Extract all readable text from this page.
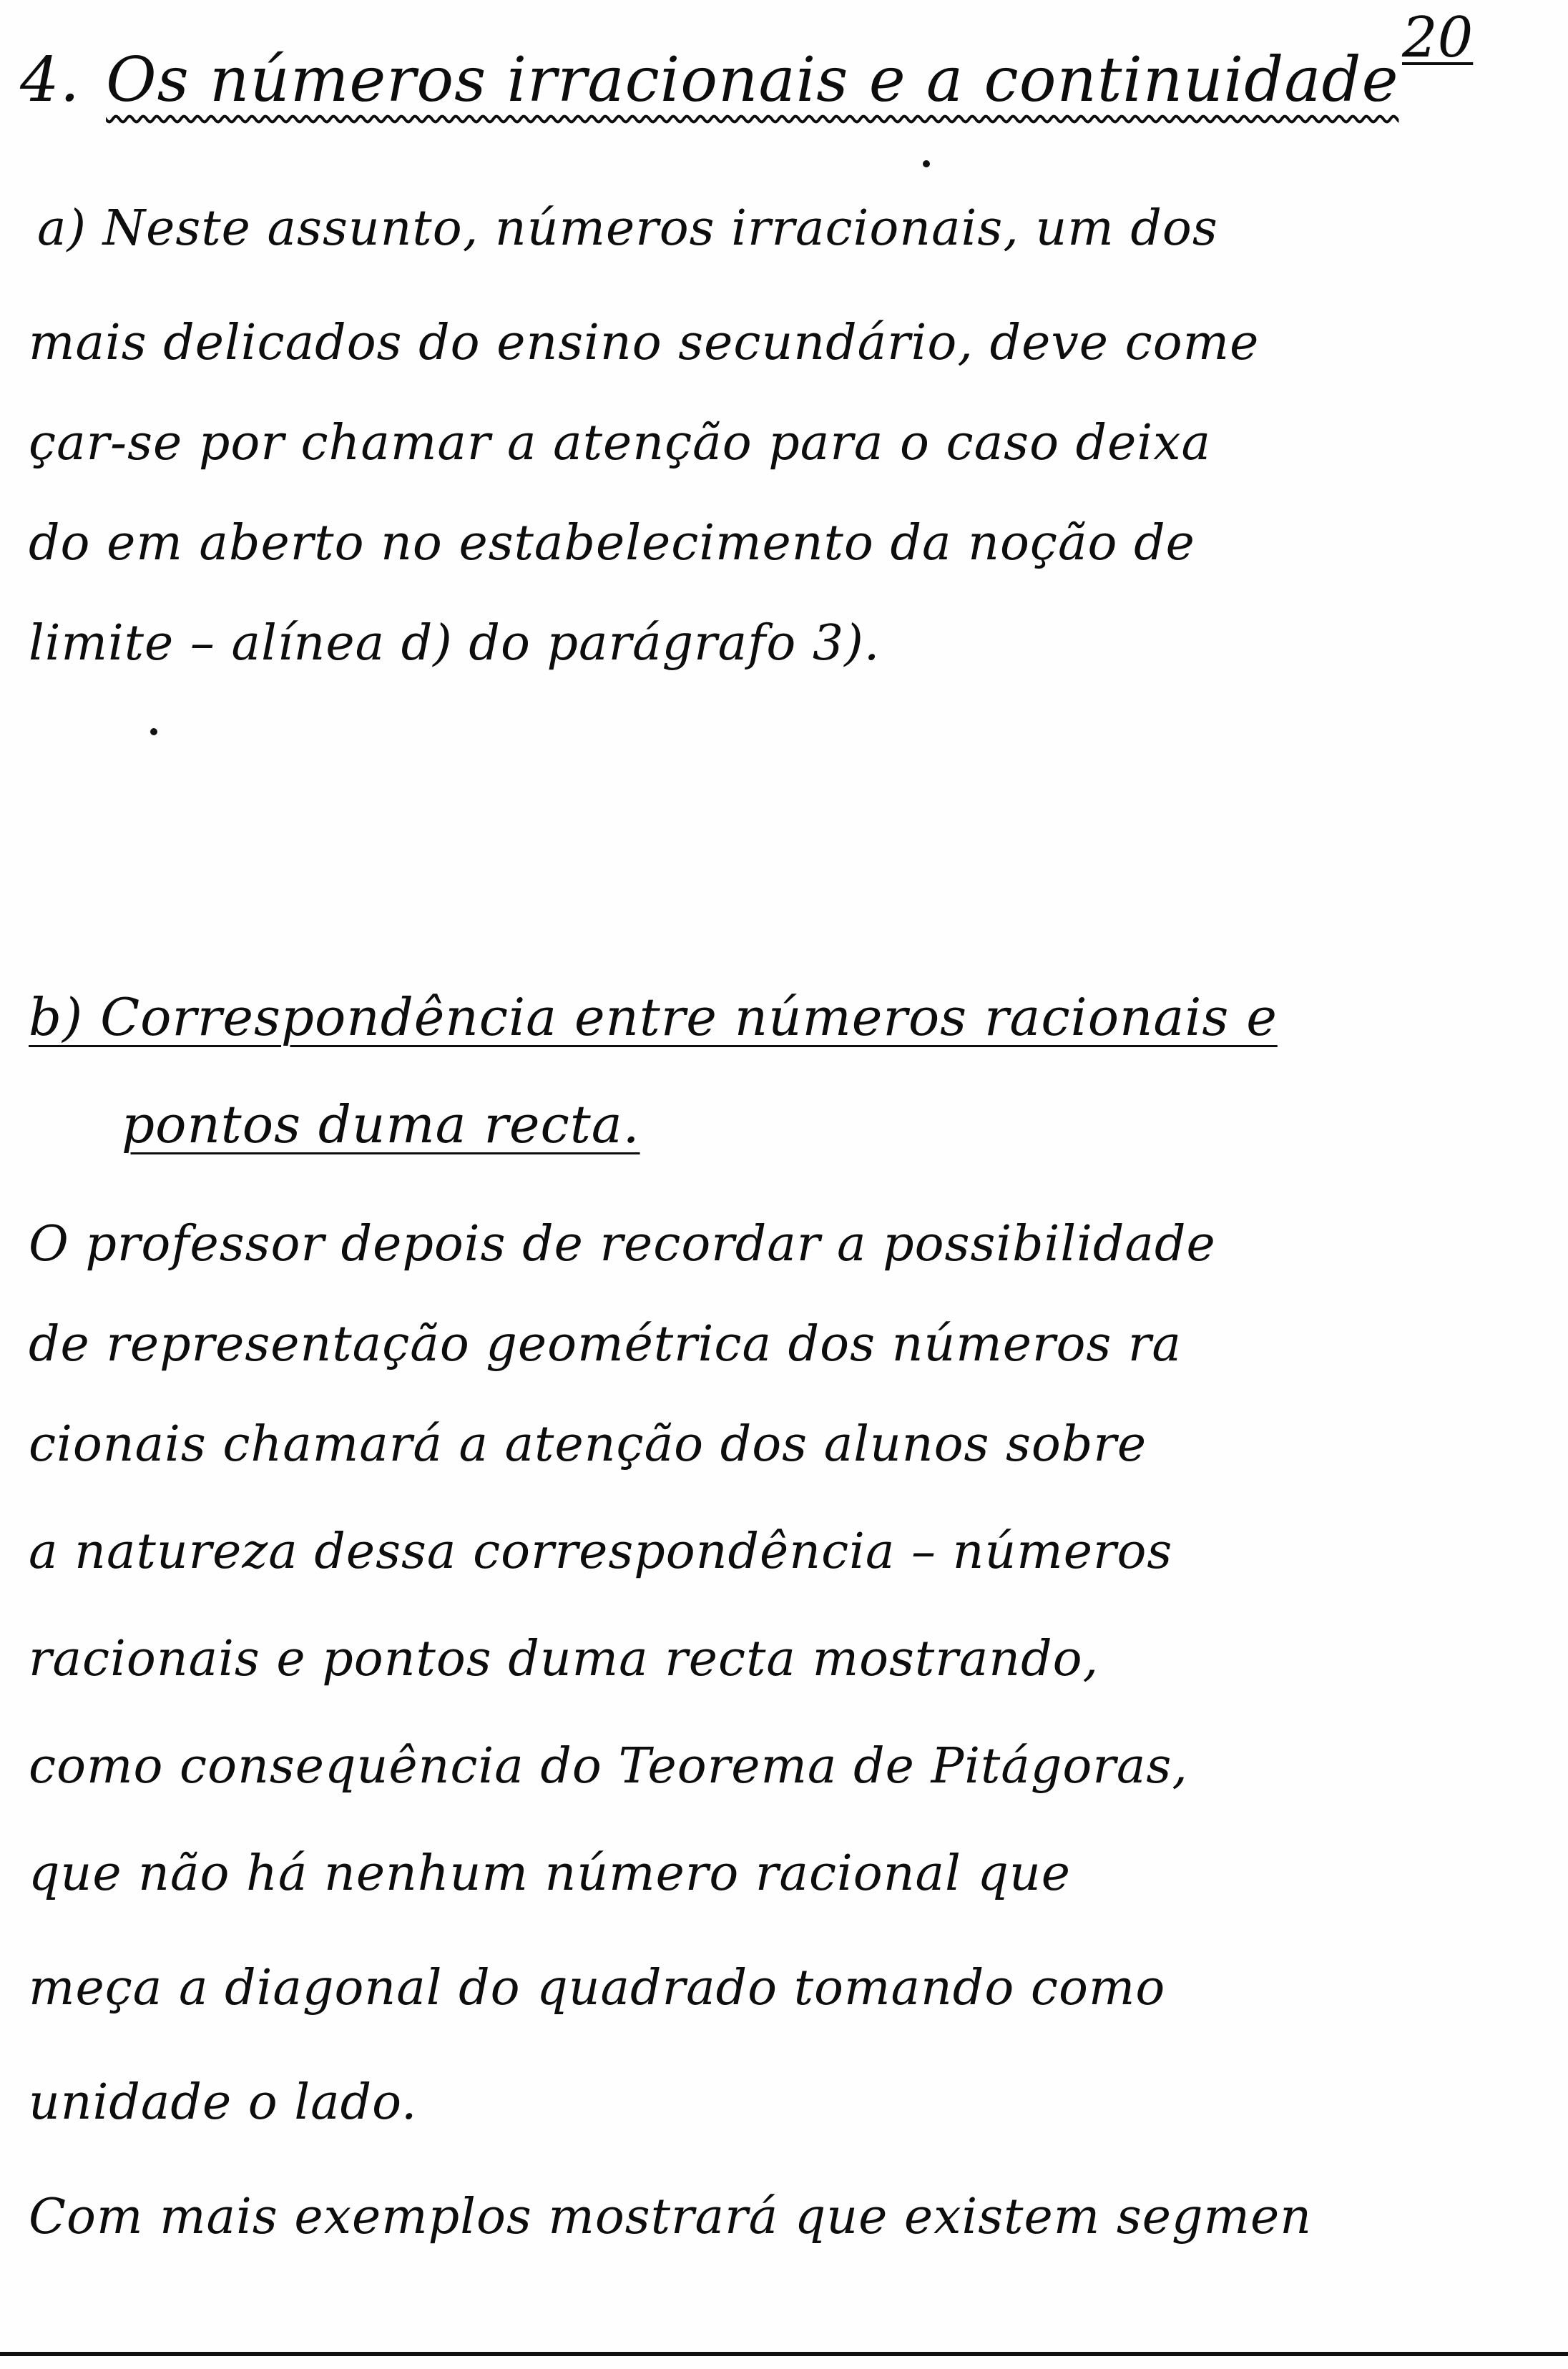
20
4. Os números irracionais e a continuidade
a) Neste assunto, números irracionais, um dos
mais delicados do ensino secundário, deve come
çar-se por chamar a atenção para o caso deixa
do em aberto no estabelecimento da noção de
limite – alínea d) do parágrafo 3).
b) Correspondência entre números racionais e
pontos duma recta.
O professor depois de recordar a possibilidade
de representação geométrica dos números ra
cionais chamará a atenção dos alunos sobre
a natureza dessa correspondência – números
racionais e pontos duma recta mostrando,
como consequência do Teorema de Pitágoras,
que não há nenhum número racional que
meça a diagonal do quadrado tomando como
unidade o lado.
Com mais exemplos mostrará que existem segmen
